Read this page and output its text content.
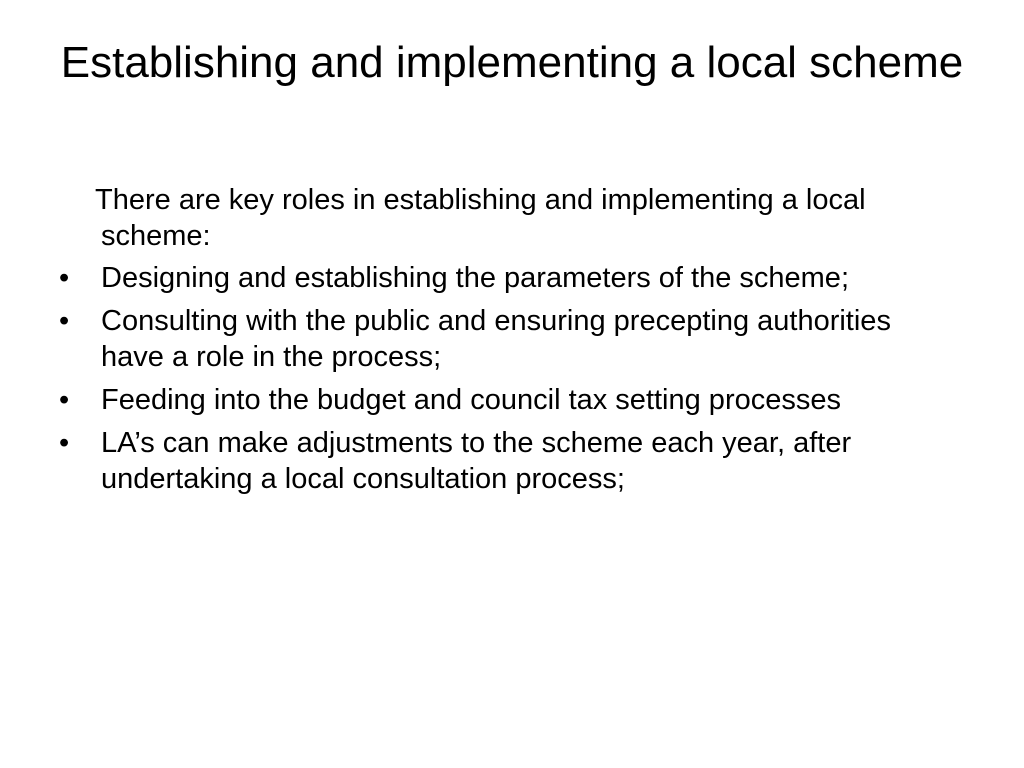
Establishing and implementing a local scheme

There are key roles in establishing and implementing a local scheme:

• Designing and establishing the parameters of the scheme;
• Consulting with the public and ensuring precepting authorities have a role in the process;
• Feeding into the budget and council tax setting processes
• LA’s can make adjustments to the scheme each year, after undertaking a local consultation process;
